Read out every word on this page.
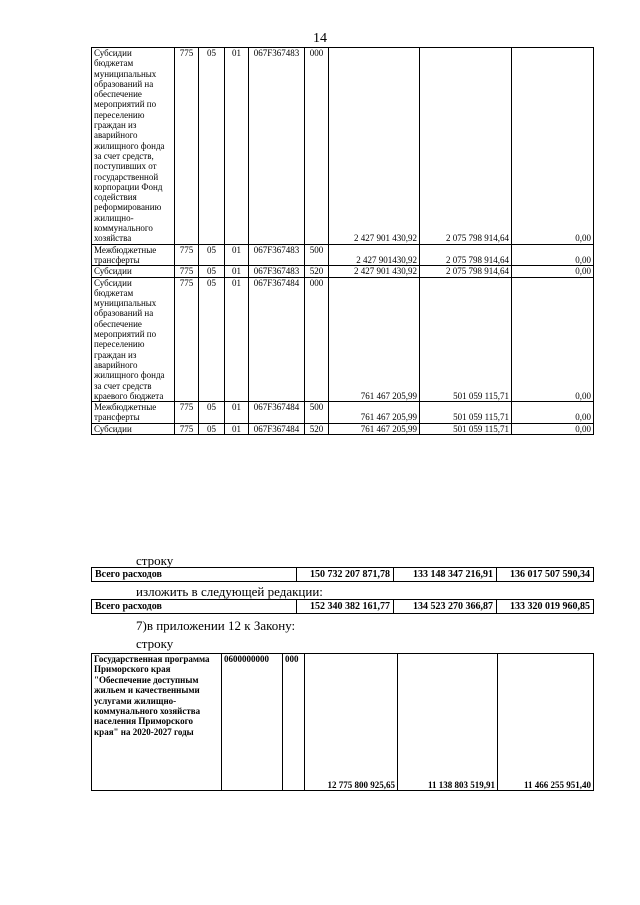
14
Субсидии бюджетам муниципальных образований на обеспечение мероприятий по переселению граждан из аварийного жилищного фонда за счет средств, поступивших от государственной корпорации Фонд содействия реформированию жилищно-коммунального хозяйства	775	05	01	067F367483	000	2 427 901 430,92	2 075 798 914,64	0,00
Межбюджетные трансферты	775	05	01	067F367483	500	2 427 901430,92	2 075 798 914,64	0,00
Субсидии	775	05	01	067F367483	520	2 427 901 430,92	2 075 798 914,64	0,00
Субсидии бюджетам муниципальных образований на обеспечение мероприятий по переселению граждан из аварийного жилищного фонда за счет средств краевого бюджета	775	05	01	067F367484	000	761 467 205,99	501 059 115,71	0,00
Межбюджетные трансферты	775	05	01	067F367484	500	761 467 205,99	501 059 115,71	0,00
Субсидии	775	05	01	067F367484	520	761 467 205,99	501 059 115,71	0,00
строку
Всего расходов	150 732 207 871,78	133 148 347 216,91	136 017 507 590,34
изложить в следующей редакции:
Всего расходов	152 340 382 161,77	134 523 270 366,87	133 320 019 960,85
7)в приложении 12 к Закону:
строку
Государственная программа Приморского края "Обеспечение доступным жильем и качественными услугами жилищно-коммунального хозяйства населения Приморского края" на 2020-2027 годы	0600000000	000	12 775 800 925,65	11 138 803 519,91	11 466 255 951,40
